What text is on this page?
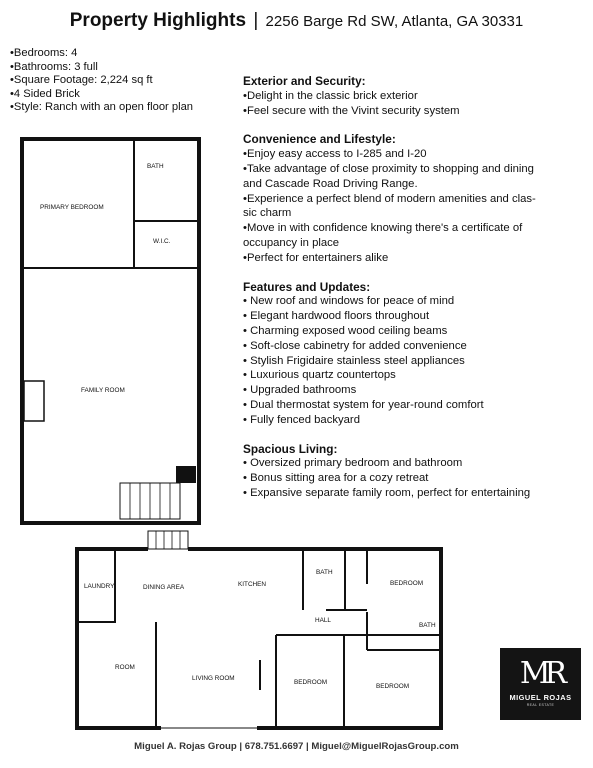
Property Highlights | 2256 Barge Rd SW, Atlanta, GA 30331
•Bedrooms: 4
•Bathrooms: 3 full
•Square Footage: 2,224 sq ft
•4 Sided Brick
•Style: Ranch with an open floor plan
Exterior and Security:
•Delight in the classic brick exterior
•Feel secure with the Vivint security system
Convenience and Lifestyle:
•Enjoy easy access to I-285 and I-20
•Take advantage of close proximity to shopping and dining
and Cascade Road Driving Range.
•Experience a perfect blend of modern amenities and clas-
sic charm
•Move in with confidence knowing there's a certificate of
occupancy in place
•Perfect for entertainers alike
Features and Updates:
• New roof and windows for peace of mind
• Elegant hardwood floors throughout
• Charming exposed wood ceiling beams
• Soft-close cabinetry for added convenience
• Stylish Frigidaire stainless steel appliances
• Luxurious quartz countertops
• Upgraded bathrooms
• Dual thermostat system for year-round comfort
• Fully fenced backyard
Spacious Living:
• Oversized primary bedroom and bathroom
• Bonus sitting area for a cozy retreat
• Expansive separate family room, perfect for entertaining
BATH
PRIMARY BEDROOM
W.I.C.
FAMILY ROOM
LAUNDRY	DINING AREA	KITCHEN
BATH
BEDROOM
HALL
BATH
ROOM
LIVING ROOM
BEDROOM
BEDROOM	MR
MIGUEL ROJAS
REAL ESTATE
Miguel A. Rojas Group | 678.751.6697 | Miguel@MiguelRojasGroup.com
